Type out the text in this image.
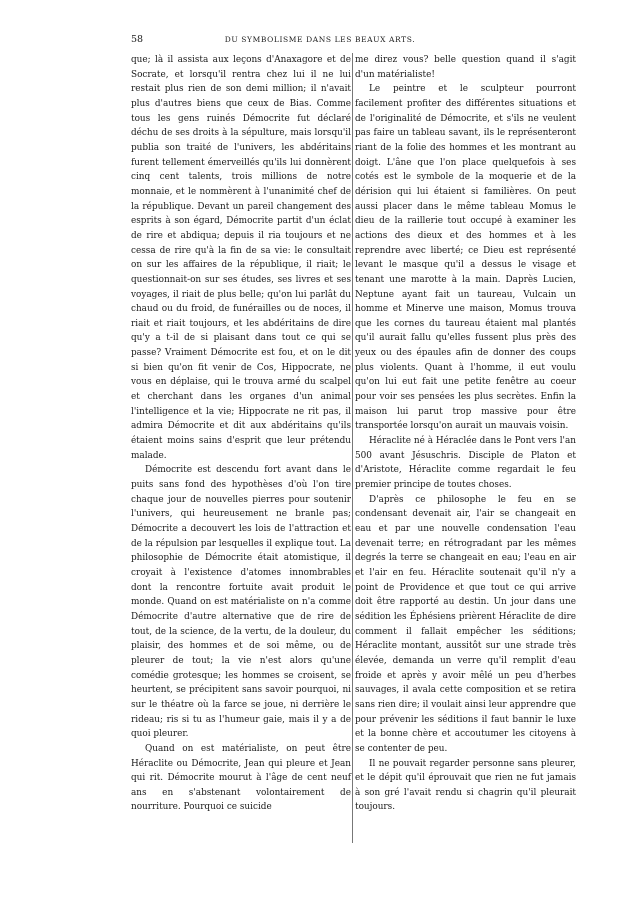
58	DU SYMBOLISME DANS LES BEAUX ARTS.

que; là il assista aux leçons d'Anaxagore et de Socrate, et lorsqu'il rentra chez lui il ne lui restait plus rien de son demi million; il n'avait plus d'autres biens que ceux de Bias. Comme tous les gens ruinés Démocrite fut déclaré déchu de ses droits à la sépulture, mais lorsqu'il publia son traité de l'univers, les abdéritains furent tellement émerveillés qu'ils lui donnèrent cinq cent talents, trois millions de notre monnaie, et le nommèrent à l'unanimité chef de la république. Devant un pareil changement des esprits à son égard, Démocrite partit d'un éclat de rire et abdiqua; depuis il ria toujours et ne cessa de rire qu'à la fin de sa vie: le consultait on sur les affaires de la république, il riait; le questionnait-on sur ses études, ses livres et ses voyages, il riait de plus belle; qu'on lui parlât du chaud ou du froid, de funérailles ou de noces, il riait et riait toujours, et les abdéritains de dire qu'y a t-il de si plaisant dans tout ce qui se passe? Vraiment Démocrite est fou, et on le dit si bien qu'on fit venir de Cos, Hippocrate, ne vous en déplaise, qui le trouva armé du scalpel et cherchant dans les organes d'un animal l'intelligence et la vie; Hippocrate ne rit pas, il admira Démocrite et dit aux abdéritains qu'ils étaient moins sains d'esprit que leur prétendu malade.

Démocrite est descendu fort avant dans le puits sans fond des hypothèses d'où l'on tire chaque jour de nouvelles pierres pour soutenir l'univers, qui heureusement ne branle pas; Démocrite a decouvert les lois de l'attraction et de la répulsion par lesquelles il explique tout. La philosophie de Démocrite était atomistique, il croyait à l'existence d'atomes innombrables dont la rencontre fortuite avait produit le monde. Quand on est matérialiste on n'a comme Démocrite d'autre alternative que de rire de tout, de la science, de la vertu, de la douleur, du plaisir, des hommes et de soi même, ou de pleurer de tout; la vie n'est alors qu'une comédie grotesque; les hommes se croisent, se heurtent, se précipitent sans savoir pourquoi, ni sur le théatre où la farce se joue, ni derrière le rideau; ris si tu as l'humeur gaie, mais il y a de quoi pleurer.

Quand on est matérialiste, on peut être Héraclite ou Démocrite, Jean qui pleure et Jean qui rit. Démocrite mourut à l'âge de cent neuf ans en s'abstenant volontairement de nourriture. Pourquoi ce suicide

me direz vous? belle question quand il s'agit d'un matérialiste!

Le peintre et le sculpteur pourront facilement profiter des différentes situations et de l'originalité de Démocrite, et s'ils ne veulent pas faire un tableau savant, ils le représenteront riant de la folie des hommes et les montrant au doigt. L'âne que l'on place quelquefois à ses cotés est le symbole de la moquerie et de la dérision qui lui étaient si familières. On peut aussi placer dans le même tableau Momus le dieu de la raillerie tout occupé à examiner les actions des dieux et des hommes et à les reprendre avec liberté; ce Dieu est représenté levant le masque qu'il a dessus le visage et tenant une marotte à la main. Daprès Lucien, Neptune ayant fait un taureau, Vulcain un homme et Minerve une maison, Momus trouva que les cornes du taureau étaient mal plantés qu'il aurait fallu qu'elles fussent plus près des yeux ou des épaules afin de donner des coups plus violents. Quant à l'homme, il eut voulu qu'on lui eut fait une petite fenêtre au coeur pour voir ses pensées les plus secrètes. Enfin la maison lui parut trop massive pour être transportée lorsqu'on aurait un mauvais voisin.

Héraclite né à Héraclée dans le Pont vers l'an 500 avant Jésuschris. Disciple de Platon et d'Aristote, Héraclite comme regardait le feu premier principe de toutes choses.

D'après ce philosophe le feu en se condensant devenait air, l'air se changeait en eau et par une nouvelle condensation l'eau devenait terre; en rétrogradant par les mêmes degrés la terre se changeait en eau; l'eau en air et l'air en feu. Héraclite soutenait qu'il n'y a point de Providence et que tout ce qui arrive doit être rapporté au destin. Un jour dans une sédition les Éphésiens prièrent Héraclite de dire comment il fallait empêcher les séditions; Héraclite montant, aussitôt sur une strade très élevée, demanda un verre qu'il remplit d'eau froide et après y avoir mêlé un peu d'herbes sauvages, il avala cette composition et se retira sans rien dire; il voulait ainsi leur apprendre que pour prévenir les séditions il faut bannir le luxe et la bonne chère et accoutumer les citoyens à se contenter de peu.

Il ne pouvait regarder personne sans pleurer, et le dépit qu'il éprouvait que rien ne fut jamais à son gré l'avait rendu si chagrin qu'il pleurait toujours.
